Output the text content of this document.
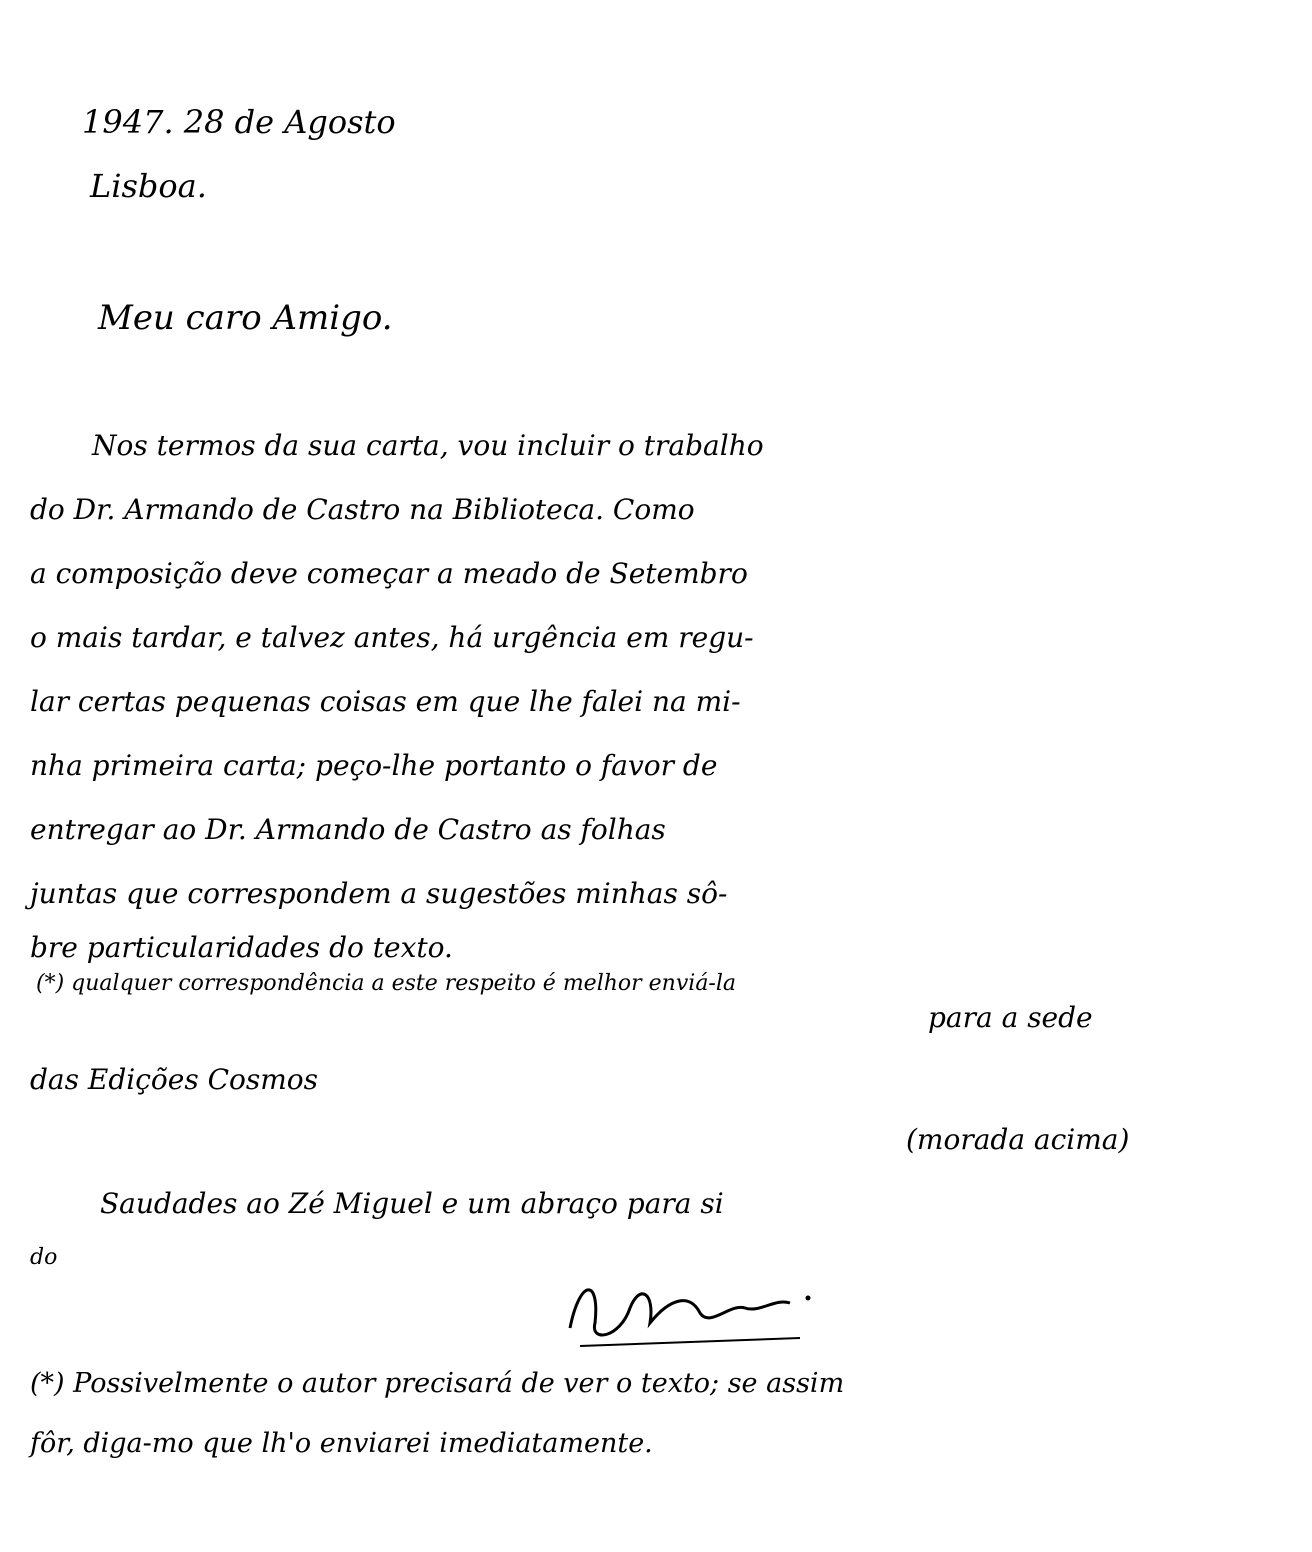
1947. 28 de Agosto

Lisboa.

Meu caro Amigo.

Nos termos da sua carta, vou incluir o trabalho

do Dr. Armando de Castro na Biblioteca. Como

a composição deve começar a meado de Setembro

o mais tardar, e talvez antes, há urgência em regu-

lar certas pequenas coisas em que lhe falei na mi-

nha primeira carta; peço-lhe portanto o favor de

entregar ao Dr. Armando de Castro as folhas

juntas que correspondem a sugestões minhas sô-

bre particularidades do texto.

(*) qualquer correspondência a este respeito é melhor enviá-la

para a sede

das Edições Cosmos

(morada acima)

Saudades ao Zé Miguel e um abraço para si

do

(*) Possivelmente o autor precisará de ver o texto; se assim

fôr, diga-mo que lh'o enviarei imediatamente.
